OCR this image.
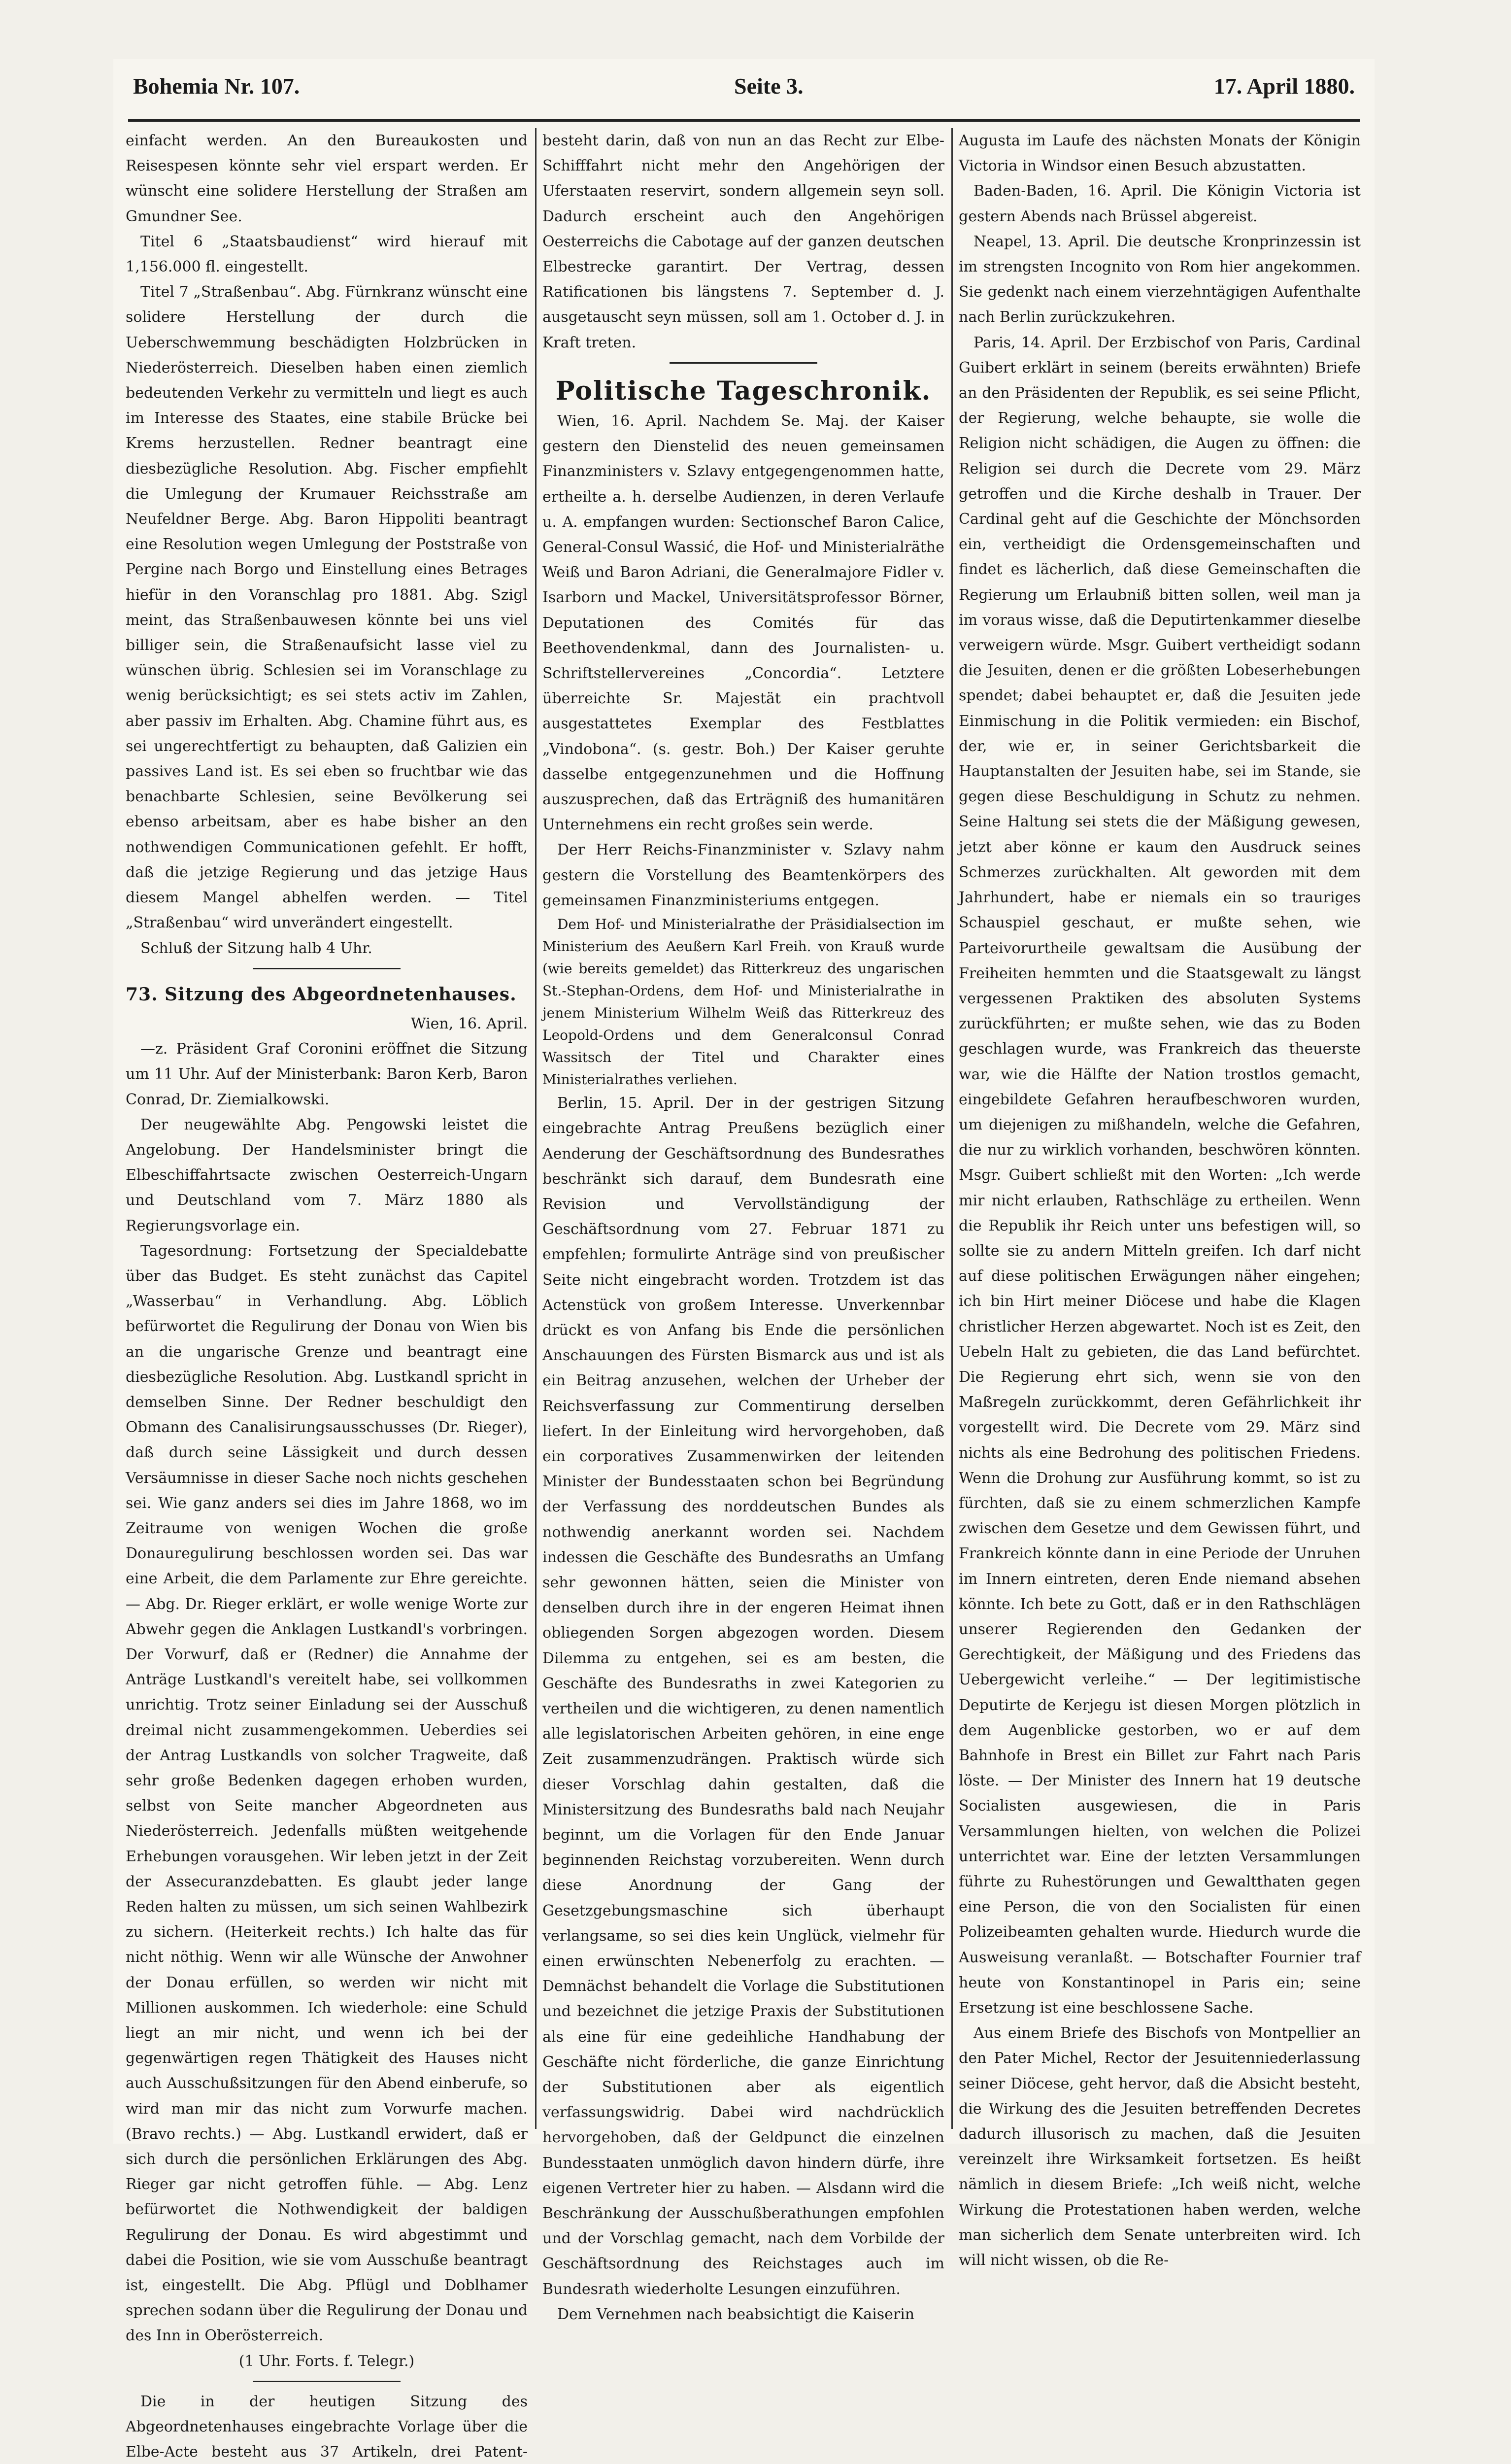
Bohemia Nr. 107.	Seite 3.	17. April 1880.

einfacht werden. An den Bureaukosten und Reisespesen könnte sehr viel erspart werden. Er wünscht eine solidere Herstellung der Straßen am Gmundner See.

Titel 6 „Staatsbaudienst“ wird hierauf mit 1,156.000 fl. eingestellt.

Titel 7 „Straßenbau“. Abg. Fürnkranz wünscht eine solidere Herstellung der durch die Ueberschwemmung beschädigten Holzbrücken in Niederösterreich. Dieselben haben einen ziemlich bedeutenden Verkehr zu vermitteln und liegt es auch im Interesse des Staates, eine stabile Brücke bei Krems herzustellen. Redner beantragt eine diesbezügliche Resolution. Abg. Fischer empfiehlt die Umlegung der Krumauer Reichsstraße am Neufeldner Berge. Abg. Baron Hippoliti beantragt eine Resolution wegen Umlegung der Poststraße von Pergine nach Borgo und Einstellung eines Betrages hiefür in den Voranschlag pro 1881. Abg. Szigl meint, das Straßenbauwesen könnte bei uns viel billiger sein, die Straßenaufsicht lasse viel zu wünschen übrig. Schlesien sei im Voranschlage zu wenig berücksichtigt; es sei stets activ im Zahlen, aber passiv im Erhalten. Abg. Chamine führt aus, es sei ungerechtfertigt zu behaupten, daß Galizien ein passives Land ist. Es sei eben so fruchtbar wie das benachbarte Schlesien, seine Bevölkerung sei ebenso arbeitsam, aber es habe bisher an den nothwendigen Communicationen gefehlt. Er hofft, daß die jetzige Regierung und das jetzige Haus diesem Mangel abhelfen werden. — Titel „Straßenbau“ wird unverändert eingestellt.

Schluß der Sitzung halb 4 Uhr.

73. Sitzung des Abgeordnetenhauses.

Wien, 16. April.

—z. Präsident Graf Coronini eröffnet die Sitzung um 11 Uhr. Auf der Ministerbank: Baron Kerb, Baron Conrad, Dr. Ziemialkowski.

Der neugewählte Abg. Pengowski leistet die Angelobung. Der Handelsminister bringt die Elbeschiffahrtsacte zwischen Oesterreich-Ungarn und Deutschland vom 7. März 1880 als Regierungsvorlage ein.

Tagesordnung: Fortsetzung der Specialdebatte über das Budget. Es steht zunächst das Capitel „Wasserbau“ in Verhandlung. Abg. Löblich befürwortet die Regulirung der Donau von Wien bis an die ungarische Grenze und beantragt eine diesbezügliche Resolution. Abg. Lustkandl spricht in demselben Sinne. Der Redner beschuldigt den Obmann des Canalisirungsausschusses (Dr. Rieger), daß durch seine Lässigkeit und durch dessen Versäumnisse in dieser Sache noch nichts geschehen sei. Wie ganz anders sei dies im Jahre 1868, wo im Zeitraume von wenigen Wochen die große Donauregulirung beschlossen worden sei. Das war eine Arbeit, die dem Parlamente zur Ehre gereichte. — Abg. Dr. Rieger erklärt, er wolle wenige Worte zur Abwehr gegen die Anklagen Lustkandl's vorbringen. Der Vorwurf, daß er (Redner) die Annahme der Anträge Lustkandl's vereitelt habe, sei vollkommen unrichtig. Trotz seiner Einladung sei der Ausschuß dreimal nicht zusammengekommen. Ueberdies sei der Antrag Lustkandls von solcher Tragweite, daß sehr große Bedenken dagegen erhoben wurden, selbst von Seite mancher Abgeordneten aus Niederösterreich. Jedenfalls müßten weitgehende Erhebungen vorausgehen. Wir leben jetzt in der Zeit der Assecuranzdebatten. Es glaubt jeder lange Reden halten zu müssen, um sich seinen Wahlbezirk zu sichern. (Heiterkeit rechts.) Ich halte das für nicht nöthig. Wenn wir alle Wünsche der Anwohner der Donau erfüllen, so werden wir nicht mit Millionen auskommen. Ich wiederhole: eine Schuld liegt an mir nicht, und wenn ich bei der gegenwärtigen regen Thätigkeit des Hauses nicht auch Ausschußsitzungen für den Abend einberufe, so wird man mir das nicht zum Vorwurfe machen. (Bravo rechts.) — Abg. Lustkandl erwidert, daß er sich durch die persönlichen Erklärungen des Abg. Rieger gar nicht getroffen fühle. — Abg. Lenz befürwortet die Nothwendigkeit der baldigen Regulirung der Donau. Es wird abgestimmt und dabei die Position, wie sie vom Ausschuße beantragt ist, eingestellt. Die Abg. Pflügl und Doblhamer sprechen sodann über die Regulirung der Donau und des Inn in Oberösterreich.

(1 Uhr. Forts. f. Telegr.)

Die in der heutigen Sitzung des Abgeordnetenhauses eingebrachte Vorlage über die Elbe-Acte besteht aus 37 Artikeln, drei Patent-

besteht darin, daß von nun an das Recht zur Elbe-Schifffahrt nicht mehr den Angehörigen der Uferstaaten reservirt, sondern allgemein seyn soll. Dadurch erscheint auch den Angehörigen Oesterreichs die Cabotage auf der ganzen deutschen Elbestrecke garantirt. Der Vertrag, dessen Ratificationen bis längstens 7. September d. J. ausgetauscht seyn müssen, soll am 1. October d. J. in Kraft treten.

Politische Tageschronik.

Wien, 16. April. Nachdem Se. Maj. der Kaiser gestern den Dienstelid des neuen gemeinsamen Finanzministers v. Szlavy entgegengenommen hatte, ertheilte a. h. derselbe Audienzen, in deren Verlaufe u. A. empfangen wurden: Sectionschef Baron Calice, General-Consul Wassić, die Hof- und Ministerialräthe Weiß und Baron Adriani, die Generalmajore Fidler v. Isarborn und Mackel, Universitätsprofessor Börner, Deputationen des Comités für das Beethovendenkmal, dann des Journalisten- u. Schriftstellervereines „Concordia“. Letztere überreichte Sr. Majestät ein prachtvoll ausgestattetes Exemplar des Festblattes „Vindobona“. (s. gestr. Boh.) Der Kaiser geruhte dasselbe entgegenzunehmen und die Hoffnung auszusprechen, daß das Erträgniß des humanitären Unternehmens ein recht großes sein werde.

Der Herr Reichs-Finanzminister v. Szlavy nahm gestern die Vorstellung des Beamtenkörpers des gemeinsamen Finanzministeriums entgegen.

Dem Hof- und Ministerialrathe der Präsidialsection im Ministerium des Aeußern Karl Freih. von Krauß wurde (wie bereits gemeldet) das Ritterkreuz des ungarischen St.-Stephan-Ordens, dem Hof- und Ministerialrathe in jenem Ministerium Wilhelm Weiß das Ritterkreuz des Leopold-Ordens und dem Generalconsul Conrad Wassitsch der Titel und Charakter eines Ministerialrathes verliehen.

Berlin, 15. April. Der in der gestrigen Sitzung eingebrachte Antrag Preußens bezüglich einer Aenderung der Geschäftsordnung des Bundesrathes beschränkt sich darauf, dem Bundesrath eine Revision und Vervollständigung der Geschäftsordnung vom 27. Februar 1871 zu empfehlen; formulirte Anträge sind von preußischer Seite nicht eingebracht worden. Trotzdem ist das Actenstück von großem Interesse. Unverkennbar drückt es von Anfang bis Ende die persönlichen Anschauungen des Fürsten Bismarck aus und ist als ein Beitrag anzusehen, welchen der Urheber der Reichsverfassung zur Commentirung derselben liefert. In der Einleitung wird hervorgehoben, daß ein corporatives Zusammenwirken der leitenden Minister der Bundesstaaten schon bei Begründung der Verfassung des norddeutschen Bundes als nothwendig anerkannt worden sei. Nachdem indessen die Geschäfte des Bundesraths an Umfang sehr gewonnen hätten, seien die Minister von denselben durch ihre in der engeren Heimat ihnen obliegenden Sorgen abgezogen worden. Diesem Dilemma zu entgehen, sei es am besten, die Geschäfte des Bundesraths in zwei Kategorien zu vertheilen und die wichtigeren, zu denen namentlich alle legislatorischen Arbeiten gehören, in eine enge Zeit zusammenzudrängen. Praktisch würde sich dieser Vorschlag dahin gestalten, daß die Ministersitzung des Bundesraths bald nach Neujahr beginnt, um die Vorlagen für den Ende Januar beginnenden Reichstag vorzubereiten. Wenn durch diese Anordnung der Gang der Gesetzgebungsmaschine sich überhaupt verlangsame, so sei dies kein Unglück, vielmehr für einen erwünschten Nebenerfolg zu erachten. — Demnächst behandelt die Vorlage die Substitutionen und bezeichnet die jetzige Praxis der Substitutionen als eine für eine gedeihliche Handhabung der Geschäfte nicht förderliche, die ganze Einrichtung der Substitutionen aber als eigentlich verfassungswidrig. Dabei wird nachdrücklich hervorgehoben, daß der Geldpunct die einzelnen Bundesstaaten unmöglich davon hindern dürfe, ihre eigenen Vertreter hier zu haben. — Alsdann wird die Beschränkung der Ausschußberathungen empfohlen und der Vorschlag gemacht, nach dem Vorbilde der Geschäftsordnung des Reichstages auch im Bundesrath wiederholte Lesungen einzuführen.

Dem Vernehmen nach beabsichtigt die Kaiserin

Augusta im Laufe des nächsten Monats der Königin Victoria in Windsor einen Besuch abzustatten.

Baden-Baden, 16. April. Die Königin Victoria ist gestern Abends nach Brüssel abgereist.

Neapel, 13. April. Die deutsche Kronprinzessin ist im strengsten Incognito von Rom hier angekommen. Sie gedenkt nach einem vierzehntägigen Aufenthalte nach Berlin zurückzukehren.

Paris, 14. April. Der Erzbischof von Paris, Cardinal Guibert erklärt in seinem (bereits erwähnten) Briefe an den Präsidenten der Republik, es sei seine Pflicht, der Regierung, welche behaupte, sie wolle die Religion nicht schädigen, die Augen zu öffnen: die Religion sei durch die Decrete vom 29. März getroffen und die Kirche deshalb in Trauer. Der Cardinal geht auf die Geschichte der Mönchsorden ein, vertheidigt die Ordensgemeinschaften und findet es lächerlich, daß diese Gemeinschaften die Regierung um Erlaubniß bitten sollen, weil man ja im voraus wisse, daß die Deputirtenkammer dieselbe verweigern würde. Msgr. Guibert vertheidigt sodann die Jesuiten, denen er die größten Lobeserhebungen spendet; dabei behauptet er, daß die Jesuiten jede Einmischung in die Politik vermieden: ein Bischof, der, wie er, in seiner Gerichtsbarkeit die Hauptanstalten der Jesuiten habe, sei im Stande, sie gegen diese Beschuldigung in Schutz zu nehmen. Seine Haltung sei stets die der Mäßigung gewesen, jetzt aber könne er kaum den Ausdruck seines Schmerzes zurückhalten. Alt geworden mit dem Jahrhundert, habe er niemals ein so trauriges Schauspiel geschaut, er mußte sehen, wie Parteivorurtheile gewaltsam die Ausübung der Freiheiten hemmten und die Staatsgewalt zu längst vergessenen Praktiken des absoluten Systems zurückführten; er mußte sehen, wie das zu Boden geschlagen wurde, was Frankreich das theuerste war, wie die Hälfte der Nation trostlos gemacht, eingebildete Gefahren heraufbeschworen wurden, um diejenigen zu mißhandeln, welche die Gefahren, die nur zu wirklich vorhanden, beschwören könnten. Msgr. Guibert schließt mit den Worten: „Ich werde mir nicht erlauben, Rathschläge zu ertheilen. Wenn die Republik ihr Reich unter uns befestigen will, so sollte sie zu andern Mitteln greifen. Ich darf nicht auf diese politischen Erwägungen näher eingehen; ich bin Hirt meiner Diöcese und habe die Klagen christlicher Herzen abgewartet. Noch ist es Zeit, den Uebeln Halt zu gebieten, die das Land befürchtet. Die Regierung ehrt sich, wenn sie von den Maßregeln zurückkommt, deren Gefährlichkeit ihr vorgestellt wird. Die Decrete vom 29. März sind nichts als eine Bedrohung des politischen Friedens. Wenn die Drohung zur Ausführung kommt, so ist zu fürchten, daß sie zu einem schmerzlichen Kampfe zwischen dem Gesetze und dem Gewissen führt, und Frankreich könnte dann in eine Periode der Unruhen im Innern eintreten, deren Ende niemand absehen könnte. Ich bete zu Gott, daß er in den Rathschlägen unserer Regierenden den Gedanken der Gerechtigkeit, der Mäßigung und des Friedens das Uebergewicht verleihe.“ — Der legitimistische Deputirte de Kerjegu ist diesen Morgen plötzlich in dem Augenblicke gestorben, wo er auf dem Bahnhofe in Brest ein Billet zur Fahrt nach Paris löste. — Der Minister des Innern hat 19 deutsche Socialisten ausgewiesen, die in Paris Versammlungen hielten, von welchen die Polizei unterrichtet war. Eine der letzten Versammlungen führte zu Ruhestörungen und Gewaltthaten gegen eine Person, die von den Socialisten für einen Polizeibeamten gehalten wurde. Hiedurch wurde die Ausweisung veranlaßt. — Botschafter Fournier traf heute von Konstantinopel in Paris ein; seine Ersetzung ist eine beschlossene Sache.

Aus einem Briefe des Bischofs von Montpellier an den Pater Michel, Rector der Jesuitenniederlassung seiner Diöcese, geht hervor, daß die Absicht besteht, die Wirkung des die Jesuiten betreffenden Decretes dadurch illusorisch zu machen, daß die Jesuiten vereinzelt ihre Wirksamkeit fortsetzen. Es heißt nämlich in diesem Briefe: „Ich weiß nicht, welche Wirkung die Protestationen haben werden, welche man sicherlich dem Senate unterbreiten wird. Ich will nicht wissen, ob die Re-
